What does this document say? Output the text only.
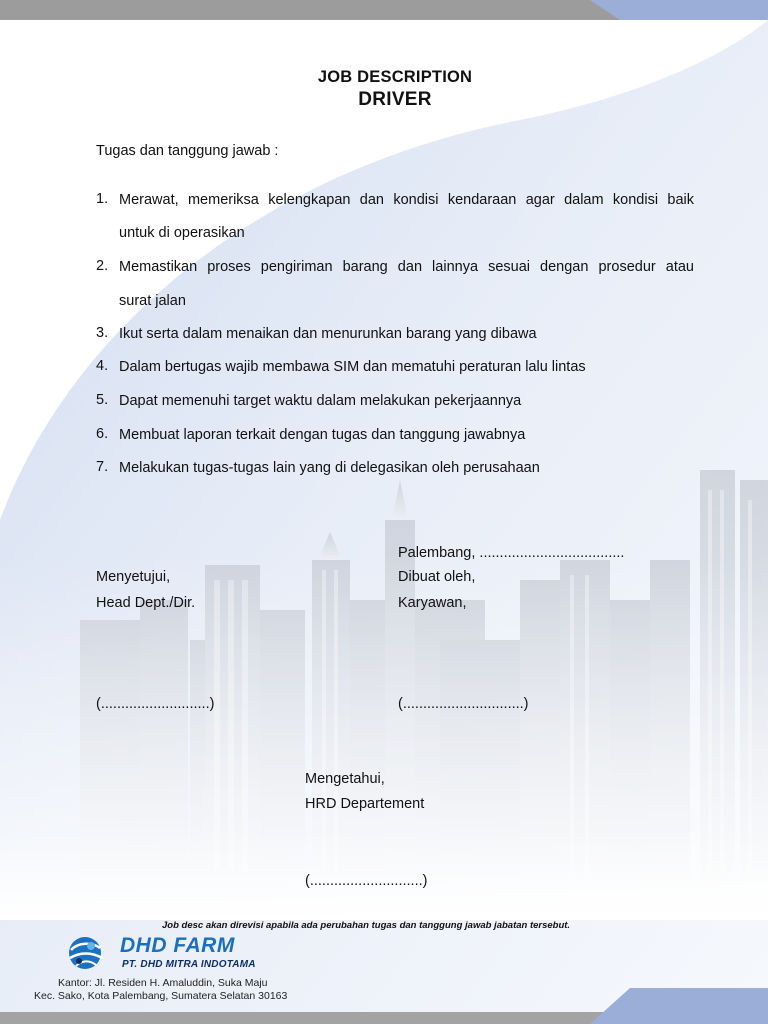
JOB DESCRIPTION
DRIVER
Tugas dan tanggung jawab :
1. Merawat, memeriksa kelengkapan dan kondisi kendaraan agar dalam kondisi baik
untuk di operasikan
2. Memastikan proses pengiriman barang dan lainnya sesuai dengan prosedur atau
surat jalan
3. Ikut serta dalam menaikan dan menurunkan barang yang dibawa
4. Dalam bertugas wajib membawa SIM dan mematuhi peraturan lalu lintas
5. Dapat memenuhi target waktu dalam melakukan pekerjaannya
6. Membuat laporan terkait dengan tugas dan tanggung jawabnya
7. Melakukan tugas-tugas lain yang di delegasikan oleh perusahaan
Palembang, ....................................
Menyetujui,
Head Dept./Dir.
(...........................)
Dibuat oleh,
Karyawan,
(..............................)
Mengetahui,
HRD Departement
(............................)
Job desc akan direvisi apabila ada perubahan tugas dan tanggung jawab jabatan tersebut.
DHD FARM
PT. DHD MITRA INDOTAMA
Kantor: Jl. Residen H. Amaluddin, Suka Maju
Kec. Sako, Kota Palembang, Sumatera Selatan 30163
